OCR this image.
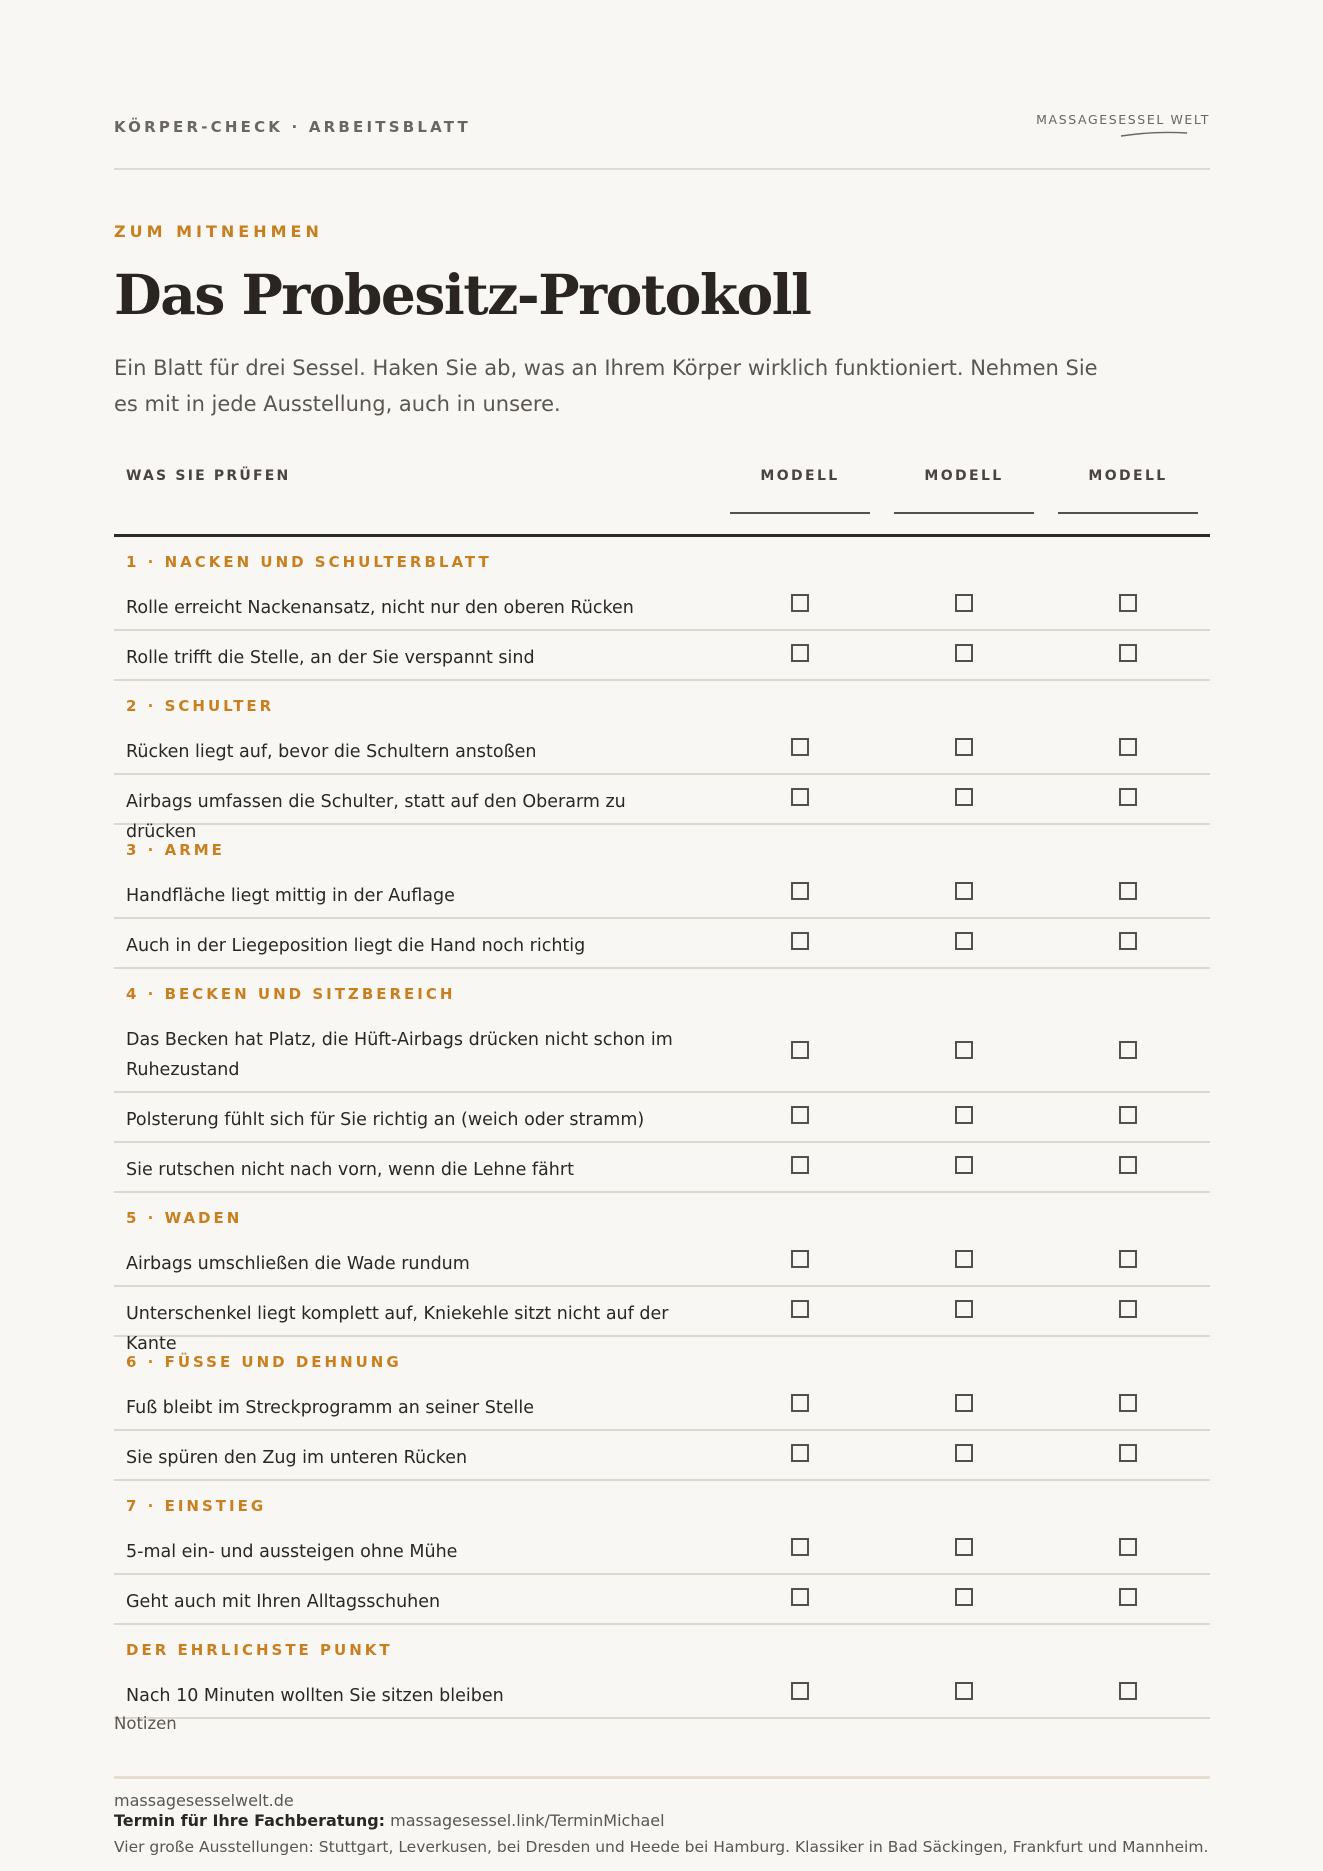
KÖRPER-CHECK · ARBEITSBLATT	MASSAGESESSEL WELT
ZUM MITNEHMEN
Das Probesitz-Protokoll
Ein Blatt für drei Sessel. Haken Sie ab, was an Ihrem Körper wirklich funktioniert. Nehmen Sie es mit in jede Ausstellung, auch in unsere.
WAS SIE PRÜFEN	MODELL	MODELL	MODELL
1 · NACKEN UND SCHULTERBLATT
Rolle erreicht Nackenansatz, nicht nur den oberen Rücken
Rolle trifft die Stelle, an der Sie verspannt sind
2 · SCHULTER
Rücken liegt auf, bevor die Schultern anstoßen
Airbags umfassen die Schulter, statt auf den Oberarm zu drücken
3 · ARME
Handfläche liegt mittig in der Auflage
Auch in der Liegeposition liegt die Hand noch richtig
4 · BECKEN UND SITZBEREICH
Das Becken hat Platz, die Hüft-Airbags drücken nicht schon im Ruhezustand
Polsterung fühlt sich für Sie richtig an (weich oder stramm)
Sie rutschen nicht nach vorn, wenn die Lehne fährt
5 · WADEN
Airbags umschließen die Wade rundum
Unterschenkel liegt komplett auf, Kniekehle sitzt nicht auf der Kante
6 · FÜSSE UND DEHNUNG
Fuß bleibt im Streckprogramm an seiner Stelle
Sie spüren den Zug im unteren Rücken
7 · EINSTIEG
5-mal ein- und aussteigen ohne Mühe
Geht auch mit Ihren Alltagsschuhen
DER EHRLICHSTE PUNKT
Nach 10 Minuten wollten Sie sitzen bleiben
Notizen
massagesesselwelt.de
Termin für Ihre Fachberatung: massagesessel.link/TerminMichael
Vier große Ausstellungen: Stuttgart, Leverkusen, bei Dresden und Heede bei Hamburg. Klassiker in Bad Säckingen, Frankfurt und Mannheim.
